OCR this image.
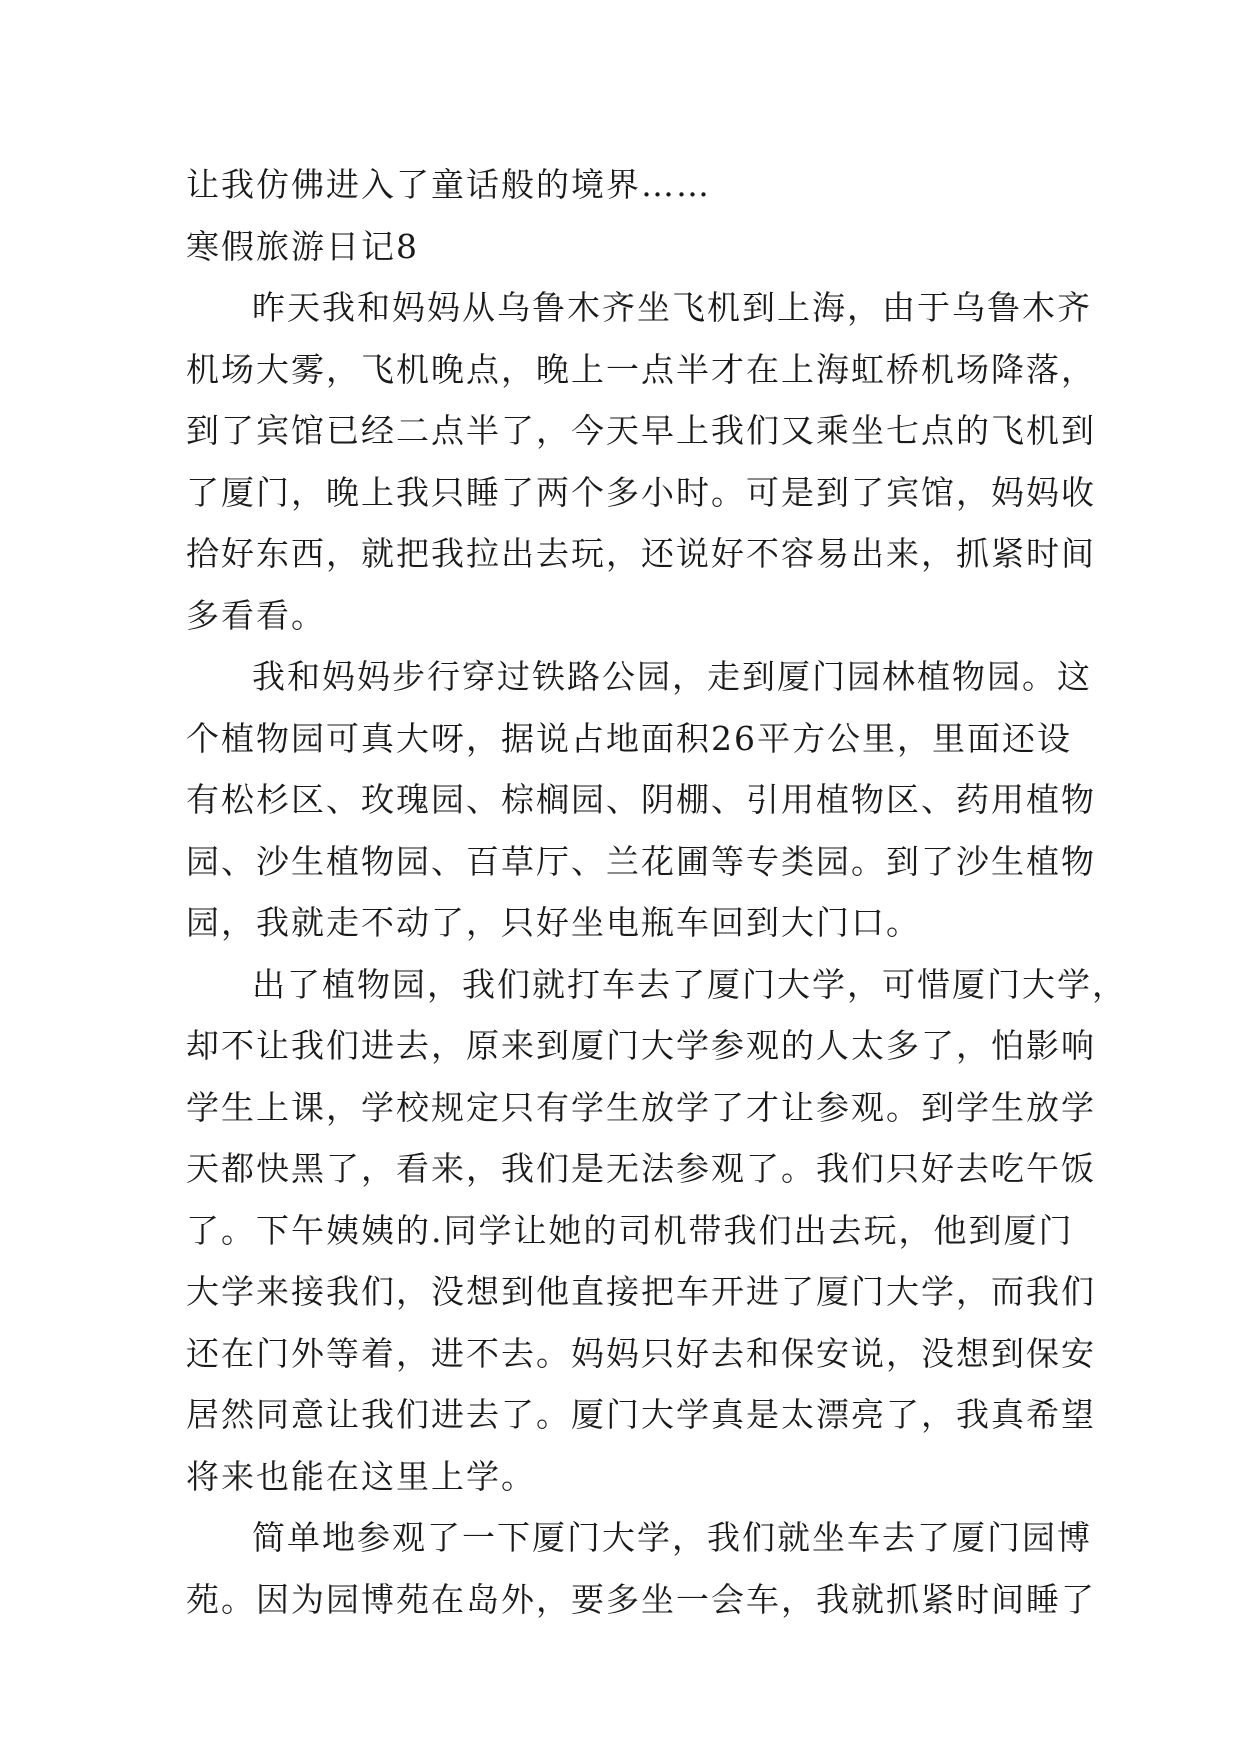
让我仿佛进入了童话般的境界……
寒假旅游日记8
昨天我和妈妈从乌鲁木齐坐飞机到上海，由于乌鲁木齐
机场大雾，飞机晚点，晚上一点半才在上海虹桥机场降落，
到了宾馆已经二点半了，今天早上我们又乘坐七点的飞机到
了厦门，晚上我只睡了两个多小时。可是到了宾馆，妈妈收
拾好东西，就把我拉出去玩，还说好不容易出来，抓紧时间
多看看。
我和妈妈步行穿过铁路公园，走到厦门园林植物园。这
个植物园可真大呀，据说占地面积26平方公里，里面还设
有松杉区、玫瑰园、棕榈园、阴棚、引用植物区、药用植物
园、沙生植物园、百草厅、兰花圃等专类园。到了沙生植物
园，我就走不动了，只好坐电瓶车回到大门口。
出了植物园，我们就打车去了厦门大学，可惜厦门大学，
却不让我们进去，原来到厦门大学参观的人太多了，怕影响
学生上课，学校规定只有学生放学了才让参观。到学生放学
天都快黑了，看来，我们是无法参观了。我们只好去吃午饭
了。下午姨姨的.同学让她的司机带我们出去玩，他到厦门
大学来接我们，没想到他直接把车开进了厦门大学，而我们
还在门外等着，进不去。妈妈只好去和保安说，没想到保安
居然同意让我们进去了。厦门大学真是太漂亮了，我真希望
将来也能在这里上学。
简单地参观了一下厦门大学，我们就坐车去了厦门园博
苑。因为园博苑在岛外，要多坐一会车，我就抓紧时间睡了
